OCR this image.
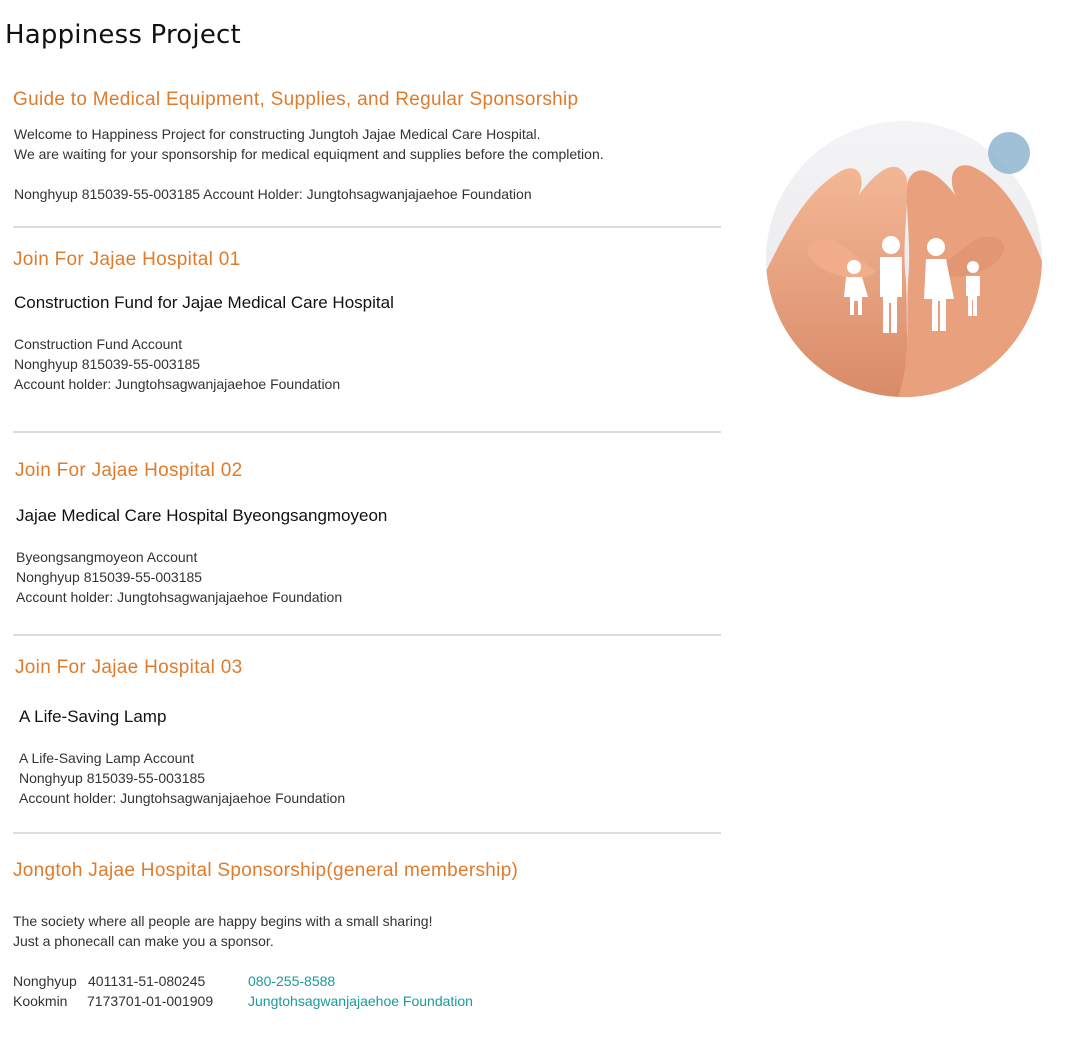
Happiness Project
Guide to Medical Equipment, Supplies, and Regular Sponsorship
Welcome to Happiness Project for constructing Jungtoh Jajae Medical Care Hospital.
We are waiting for your sponsorship for medical equiqment and supplies before the completion.
Nonghyup 815039-55-003185 Account Holder: Jungtohsagwanjajaehoe Foundation
Join For Jajae Hospital 01
Construction Fund for Jajae Medical Care Hospital
Construction Fund Account
Nonghyup 815039-55-003185
Account holder: Jungtohsagwanjajaehoe Foundation
Join For Jajae Hospital 02
Jajae Medical Care Hospital Byeongsangmoyeon
Byeongsangmoyeon Account
Nonghyup 815039-55-003185
Account holder: Jungtohsagwanjajaehoe Foundation
Join For Jajae Hospital 03
A Life-Saving Lamp
A Life-Saving Lamp Account
Nonghyup 815039-55-003185
Account holder: Jungtohsagwanjajaehoe Foundation
Jongtoh Jajae Hospital Sponsorship(general membership)
The society where all people are happy begins with a small sharing!
Just a phonecall can make you a sponsor.
Nonghyup 401131-51-080245	080-255-8588
Kookmin 7173701-01-001909 Jungtohsagwanjajaehoe Foundation
